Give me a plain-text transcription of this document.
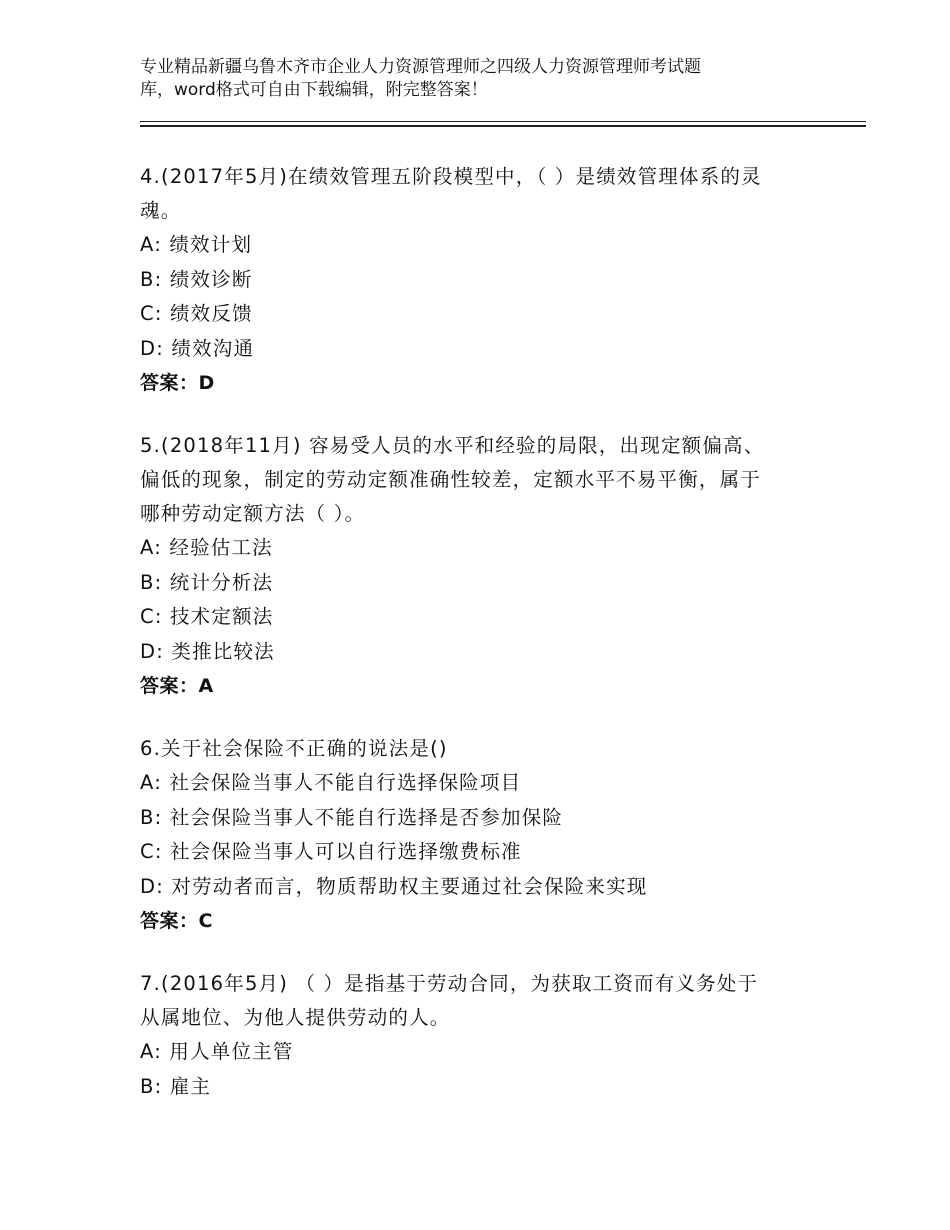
专业精品新疆乌鲁木齐市企业人力资源管理师之四级人力资源管理师考试题
库，word格式可自由下载编辑，附完整答案！
4.(2017年5月)在绩效管理五阶段模型中，（ ）是绩效管理体系的灵
魂。
A: 绩效计划
B: 绩效诊断
C: 绩效反馈
D: 绩效沟通
答案：D
5.(2018年11月) 容易受人员的水平和经验的局限，出现定额偏高、
偏低的现象，制定的劳动定额准确性较差，定额水平不易平衡，属于
哪种劳动定额方法（ ）。
A: 经验估工法
B: 统计分析法
C: 技术定额法
D: 类推比较法
答案：A
6.关于社会保险不正确的说法是()
A: 社会保险当事人不能自行选择保险项目
B: 社会保险当事人不能自行选择是否参加保险
C: 社会保险当事人可以自行选择缴费标准
D: 对劳动者而言，物质帮助权主要通过社会保险来实现
答案：C
7.(2016年5月) （ ）是指基于劳动合同，为获取工资而有义务处于
从属地位、为他人提供劳动的人。
A: 用人单位主管
B: 雇主
